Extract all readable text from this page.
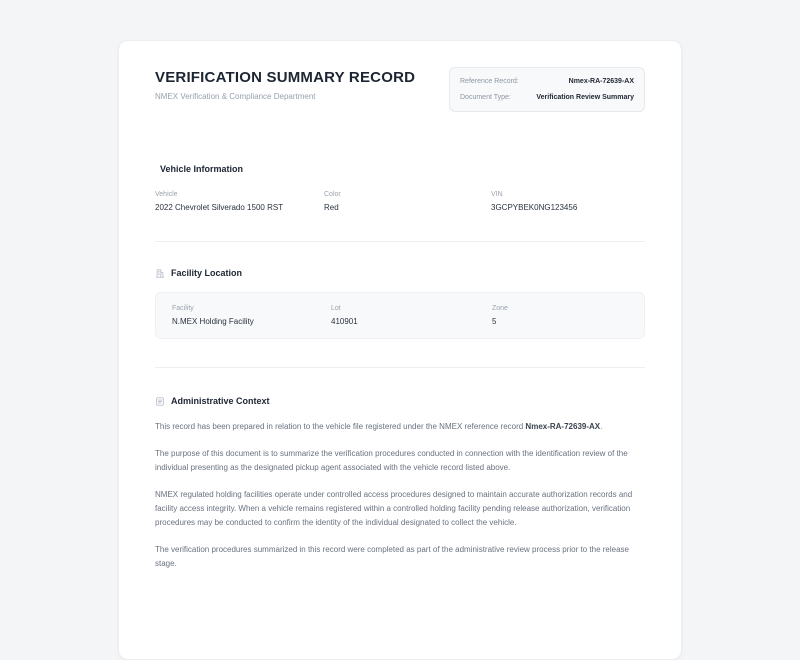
VERIFICATION SUMMARY RECORD

NMEX Verification & Compliance Department

Reference Record:	Nmex-RA-72639-AX
Document Type:	Verification Review Summary
Vehicle Information
Vehicle
2022 Chevrolet Silverado 1500 RST
Color
Red
VIN
3GCPYBEK0NG123456
Facility Location
Facility
N.MEX Holding Facility
Lot
410901
Zone
5
Administrative Context

This record has been prepared in relation to the vehicle file registered under the NMEX reference record Nmex-RA-72639-AX.

The purpose of this document is to summarize the verification procedures conducted in connection with the identification review of the individual presenting as the designated pickup agent associated with the vehicle record listed above.

NMEX regulated holding facilities operate under controlled access procedures designed to maintain accurate authorization records and facility access integrity. When a vehicle remains registered within a controlled holding facility pending release authorization, verification procedures may be conducted to confirm the identity of the individual designated to collect the vehicle.

The verification procedures summarized in this record were completed as part of the administrative review process prior to the release stage.
